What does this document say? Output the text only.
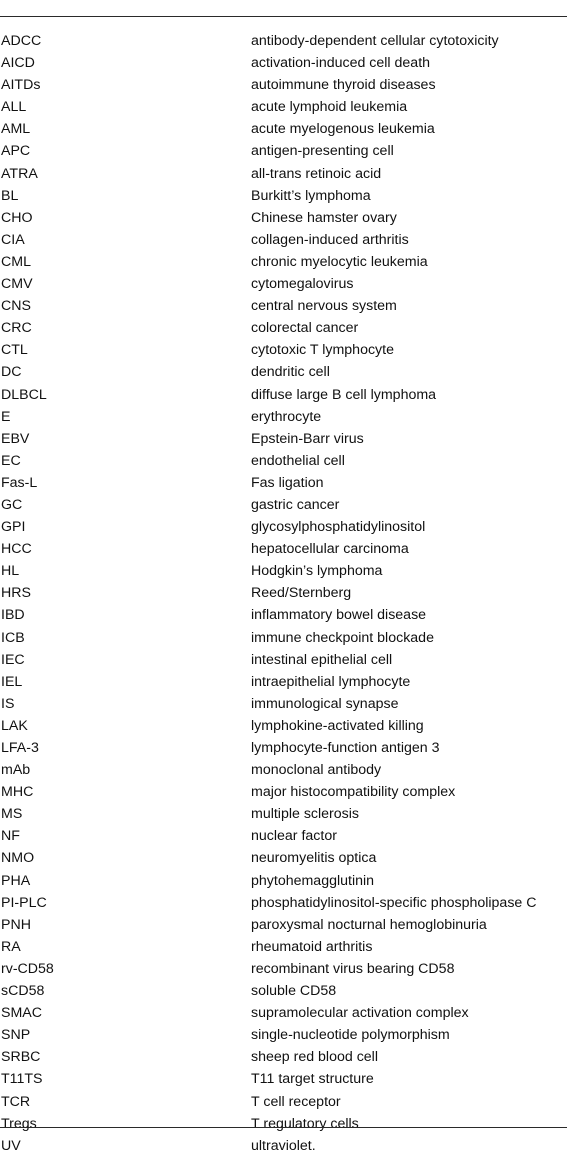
ADCC	antibody-dependent cellular cytotoxicity
AICD	activation-induced cell death
AITDs	autoimmune thyroid diseases
ALL	acute lymphoid leukemia
AML	acute myelogenous leukemia
APC	antigen-presenting cell
ATRA	all-trans retinoic acid
BL	Burkitt’s lymphoma
CHO	Chinese hamster ovary
CIA	collagen-induced arthritis
CML	chronic myelocytic leukemia
CMV	cytomegalovirus
CNS	central nervous system
CRC	colorectal cancer
CTL	cytotoxic T lymphocyte
DC	dendritic cell
DLBCL	diffuse large B cell lymphoma
E	erythrocyte
EBV	Epstein-Barr virus
EC	endothelial cell
Fas-L	Fas ligation
GC	gastric cancer
GPI	glycosylphosphatidylinositol
HCC	hepatocellular carcinoma
HL	Hodgkin’s lymphoma
HRS	Reed/Sternberg
IBD	inflammatory bowel disease
ICB	immune checkpoint blockade
IEC	intestinal epithelial cell
IEL	intraepithelial lymphocyte
IS	immunological synapse
LAK	lymphokine-activated killing
LFA-3	lymphocyte-function antigen 3
mAb	monoclonal antibody
MHC	major histocompatibility complex
MS	multiple sclerosis
NF	nuclear factor
NMO	neuromyelitis optica
PHA	phytohemagglutinin
PI-PLC	phosphatidylinositol-specific phospholipase C
PNH	paroxysmal nocturnal hemoglobinuria
RA	rheumatoid arthritis
rv-CD58	recombinant virus bearing CD58
sCD58	soluble CD58
SMAC	supramolecular activation complex
SNP	single-nucleotide polymorphism
SRBC	sheep red blood cell
T11TS	T11 target structure
TCR	T cell receptor
Tregs	T regulatory cells
UV	ultraviolet.
